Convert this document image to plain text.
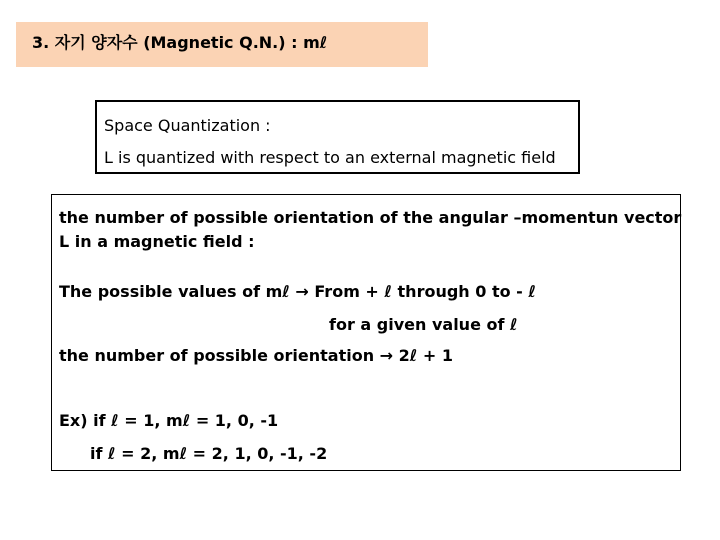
3. 자기 양자수 (Magnetic Q.N.) : mℓ
Space Quantization :
L is quantized with respect to an external magnetic field
the number of possible orientation of the angular –momentun vector
L in a magnetic field :
The possible values of mℓ → From + ℓ through 0 to - ℓ
for a given value of ℓ
the number of possible orientation → 2ℓ + 1
Ex) if ℓ = 1, mℓ = 1, 0, -1
if ℓ = 2, mℓ = 2, 1, 0, -1, -2
